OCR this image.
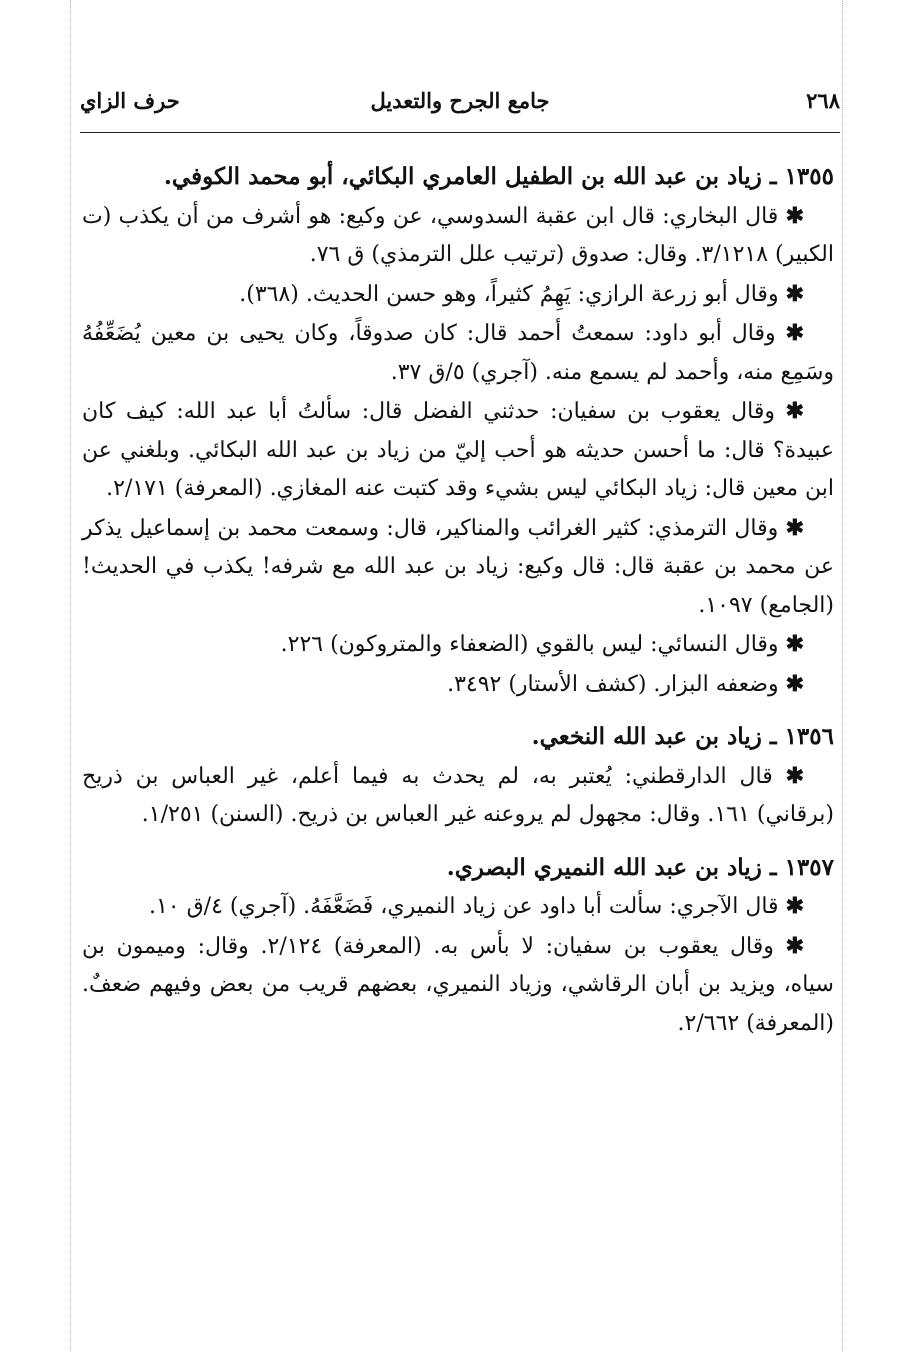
٢٦٨
جامع الجرح والتعديل
حرف الزاي

١٣٥٥ ـ زياد بن عبد الله بن الطفيل العامري البكائي، أبو محمد الكوفي.

✱ قال البخاري: قال ابن عقبة السدوسي، عن وكيع: هو أشرف من أن يكذب (ت الكبير) ٣/١٢١٨. وقال: صدوق (ترتيب علل الترمذي) ق ٧٦.

✱ وقال أبو زرعة الرازي: يَهِمُ كثيراً، وهو حسن الحديث. (٣٦٨).

✱ وقال أبو داود: سمعتُ أحمد قال: كان صدوقاً، وكان يحيى بن معين يُضَعِّفُهُ وسَمِع منه، وأحمد لم يسمع منه. (آجري) ٥/ق ٣٧.

✱ وقال يعقوب بن سفيان: حدثني الفضل قال: سألتُ أبا عبد الله: كيف كان عبيدة؟ قال: ما أحسن حديثه هو أحب إليّ من زياد بن عبد الله البكائي. وبلغني عن ابن معين قال: زياد البكائي ليس بشيء وقد كتبت عنه المغازي. (المعرفة) ٢/١٧١.

✱ وقال الترمذي: كثير الغرائب والمناكير، قال: وسمعت محمد بن إسماعيل يذكر عن محمد بن عقبة قال: قال وكيع: زياد بن عبد الله مع شرفه! يكذب في الحديث! (الجامع) ١٠٩٧.

✱ وقال النسائي: ليس بالقوي (الضعفاء والمتروكون) ٢٢٦.

✱ وضعفه البزار. (كشف الأستار) ٣٤٩٢.

١٣٥٦ ـ زياد بن عبد الله النخعي.

✱ قال الدارقطني: يُعتبر به، لم يحدث به فيما أعلم، غير العباس بن ذريح (برقاني) ١٦١. وقال: مجهول لم يروعنه غير العباس بن ذريح. (السنن) ١/٢٥١.

١٣٥٧ ـ زياد بن عبد الله النميري البصري.

✱ قال الآجري: سألت أبا داود عن زياد النميري، فَضَعَّفَهُ. (آجري) ٤/ق ١٠.

✱ وقال يعقوب بن سفيان: لا بأس به. (المعرفة) ٢/١٢٤. وقال: وميمون بن سياه، ويزيد بن أبان الرقاشي، وزياد النميري، بعضهم قريب من بعض وفيهم ضعفٌ. (المعرفة) ٢/٦٦٢.
